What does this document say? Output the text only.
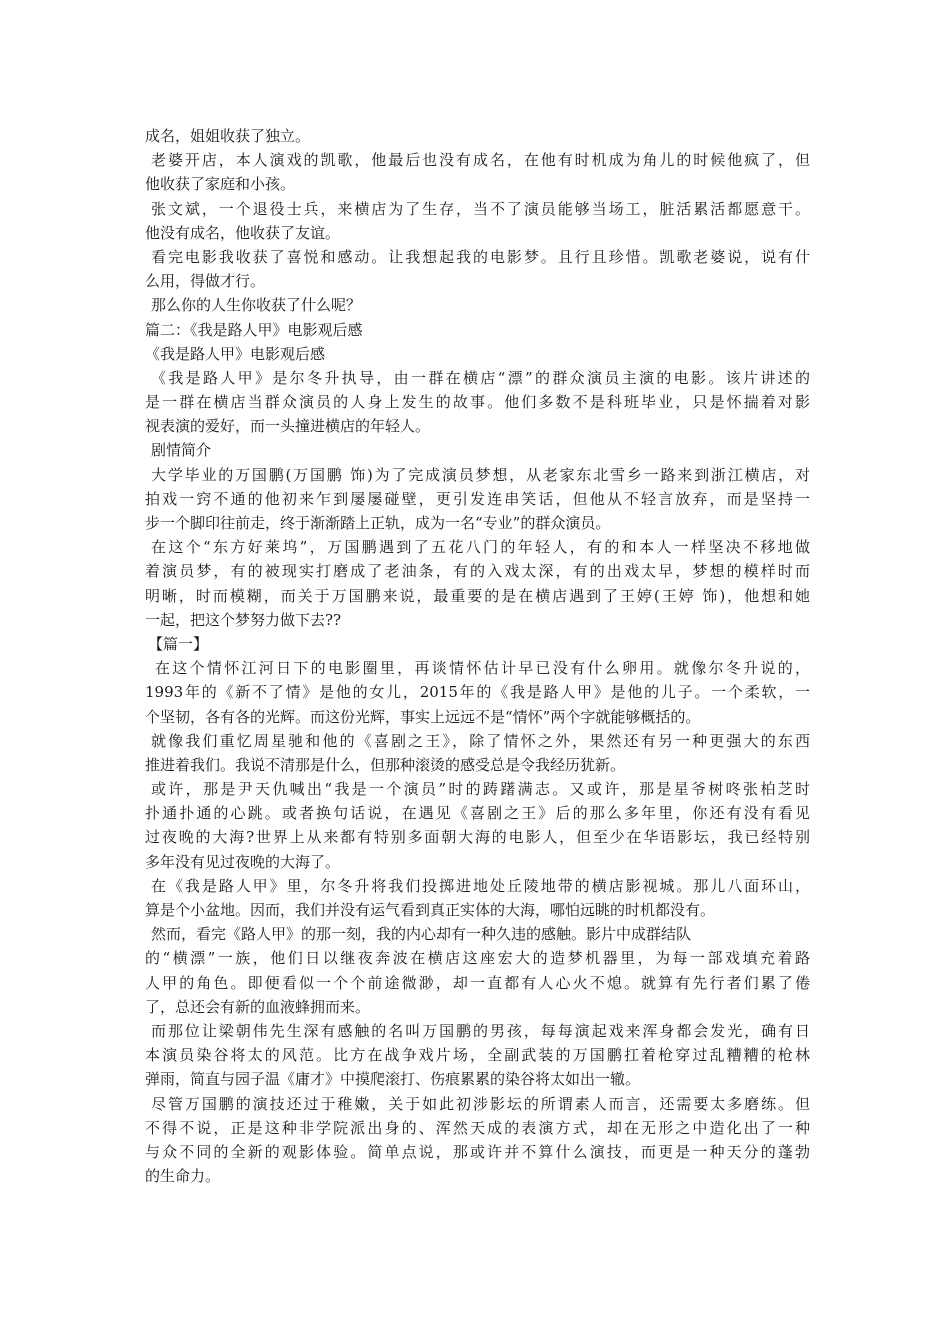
成名，姐姐收获了独立。
老婆开店，本人演戏的凯歌，他最后也没有成名，在他有时机成为角儿的时候他疯了，但
他收获了家庭和小孩。
张文斌，一个退役士兵，来横店为了生存，当不了演员能够当场工，脏活累活都愿意干。
他没有成名，他收获了友谊。
看完电影我收获了喜悦和感动。让我想起我的电影梦。且行且珍惜。凯歌老婆说，说有什
么用，得做才行。
那么你的人生你收获了什么呢？
篇二：《我是路人甲》电影观后感
《我是路人甲》电影观后感
《我是路人甲》是尔冬升执导，由一群在横店“漂”的群众演员主演的电影。该片讲述的
是一群在横店当群众演员的人身上发生的故事。他们多数不是科班毕业，只是怀揣着对影
视表演的爱好，而一头撞进横店的年轻人。
剧情简介
大学毕业的万国鹏(万国鹏 饰)为了完成演员梦想，从老家东北雪乡一路来到浙江横店，对
拍戏一窍不通的他初来乍到屡屡碰壁，更引发连串笑话，但他从不轻言放弃，而是坚持一
步一个脚印往前走，终于渐渐踏上正轨，成为一名“专业”的群众演员。
在这个“东方好莱坞”，万国鹏遇到了五花八门的年轻人，有的和本人一样坚决不移地做
着演员梦，有的被现实打磨成了老油条，有的入戏太深，有的出戏太早，梦想的模样时而
明晰，时而模糊，而关于万国鹏来说，最重要的是在横店遇到了王婷(王婷 饰)，他想和她
一起，把这个梦努力做下去??
【篇一】
在这个情怀江河日下的电影圈里，再谈情怀估计早已没有什么卵用。就像尔冬升说的，
1993年的《新不了情》是他的女儿，2015年的《我是路人甲》是他的儿子。一个柔软，一
个坚韧，各有各的光辉。而这份光辉，事实上远远不是“情怀”两个字就能够概括的。
就像我们重忆周星驰和他的《喜剧之王》，除了情怀之外，果然还有另一种更强大的东西
推进着我们。我说不清那是什么，但那种滚烫的感受总是令我经历犹新。
或许，那是尹天仇喊出“我是一个演员”时的踌躇满志。又或许，那是星爷树咚张柏芝时
扑通扑通的心跳。或者换句话说，在遇见《喜剧之王》后的那么多年里，你还有没有看见
过夜晚的大海?世界上从来都有特别多面朝大海的电影人，但至少在华语影坛，我已经特别
多年没有见过夜晚的大海了。
在《我是路人甲》里，尔冬升将我们投掷进地处丘陵地带的横店影视城。那儿八面环山，
算是个小盆地。因而，我们并没有运气看到真正实体的大海，哪怕远眺的时机都没有。
然而，看完《路人甲》的那一刻，我的内心却有一种久违的感触。影片中成群结队
的“横漂”一族，他们日以继夜奔波在横店这座宏大的造梦机器里，为每一部戏填充着路
人甲的角色。即便看似一个个前途微渺，却一直都有人心火不熄。就算有先行者们累了倦
了，总还会有新的血液蜂拥而来。
而那位让梁朝伟先生深有感触的名叫万国鹏的男孩，每每演起戏来浑身都会发光，确有日
本演员染谷将太的风范。比方在战争戏片场，全副武装的万国鹏扛着枪穿过乱糟糟的枪林
弹雨，简直与园子温《庸才》中摸爬滚打、伤痕累累的染谷将太如出一辙。
尽管万国鹏的演技还过于稚嫩，关于如此初涉影坛的所谓素人而言，还需要太多磨练。但
不得不说，正是这种非学院派出身的、浑然天成的表演方式，却在无形之中造化出了一种
与众不同的全新的观影体验。简单点说，那或许并不算什么演技，而更是一种天分的蓬勃
的生命力。
